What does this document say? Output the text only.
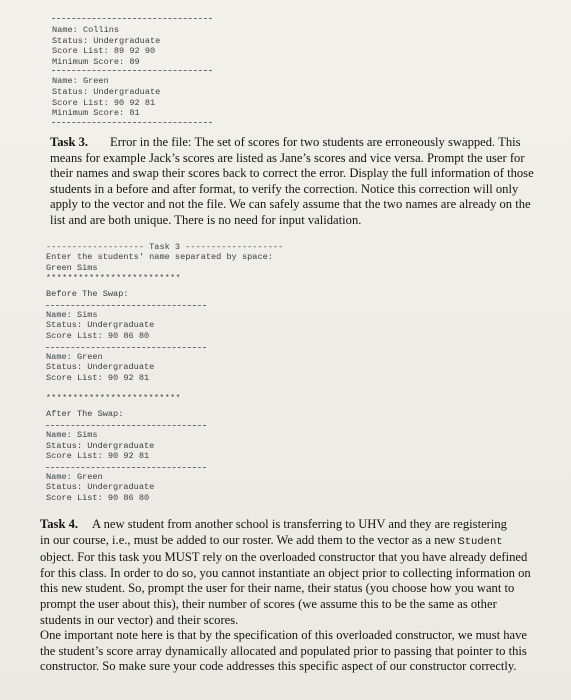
Name: Collins
Status: Undergraduate
Score List: 89 92 90
Minimum Score: 89
Name: Green
Status: Undergraduate
Score List: 90 92 81
Minimum Score: 81
Task 3. Error in the file: The set of scores for two students are erroneously swapped. This
means for example Jack’s scores are listed as Jane’s scores and vice versa. Prompt the user for
their names and swap their scores back to correct the error. Display the full information of those
students in a before and after format, to verify the correction. Notice this correction will only
apply to the vector and not the file. We can safely assume that the two names are already on the
list and are both unique. There is no need for input validation.
------------------- Task 3 -------------------
Enter the students' name separated by space:
Green Sims
*************************
Before The Swap:
Name: Sims
Status: Undergraduate
Score List: 90 86 80
Name: Green
Status: Undergraduate
Score List: 90 92 81
*************************
After The Swap:
Name: Sims
Status: Undergraduate
Score List: 90 92 81
Name: Green
Status: Undergraduate
Score List: 90 86 80
Task 4. A new student from another school is transferring to UHV and they are registering
in our course, i.e., must be added to our roster. We add them to the vector as a new Student
object. For this task you MUST rely on the overloaded constructor that you have already defined
for this class. In order to do so, you cannot instantiate an object prior to collecting information on
this new student. So, prompt the user for their name, their status (you choose how you want to
prompt the user about this), their number of scores (we assume this to be the same as other
students in our vector) and their scores.
One important note here is that by the specification of this overloaded constructor, we must have
the student’s score array dynamically allocated and populated prior to passing that pointer to this
constructor. So make sure your code addresses this specific aspect of our constructor correctly.
